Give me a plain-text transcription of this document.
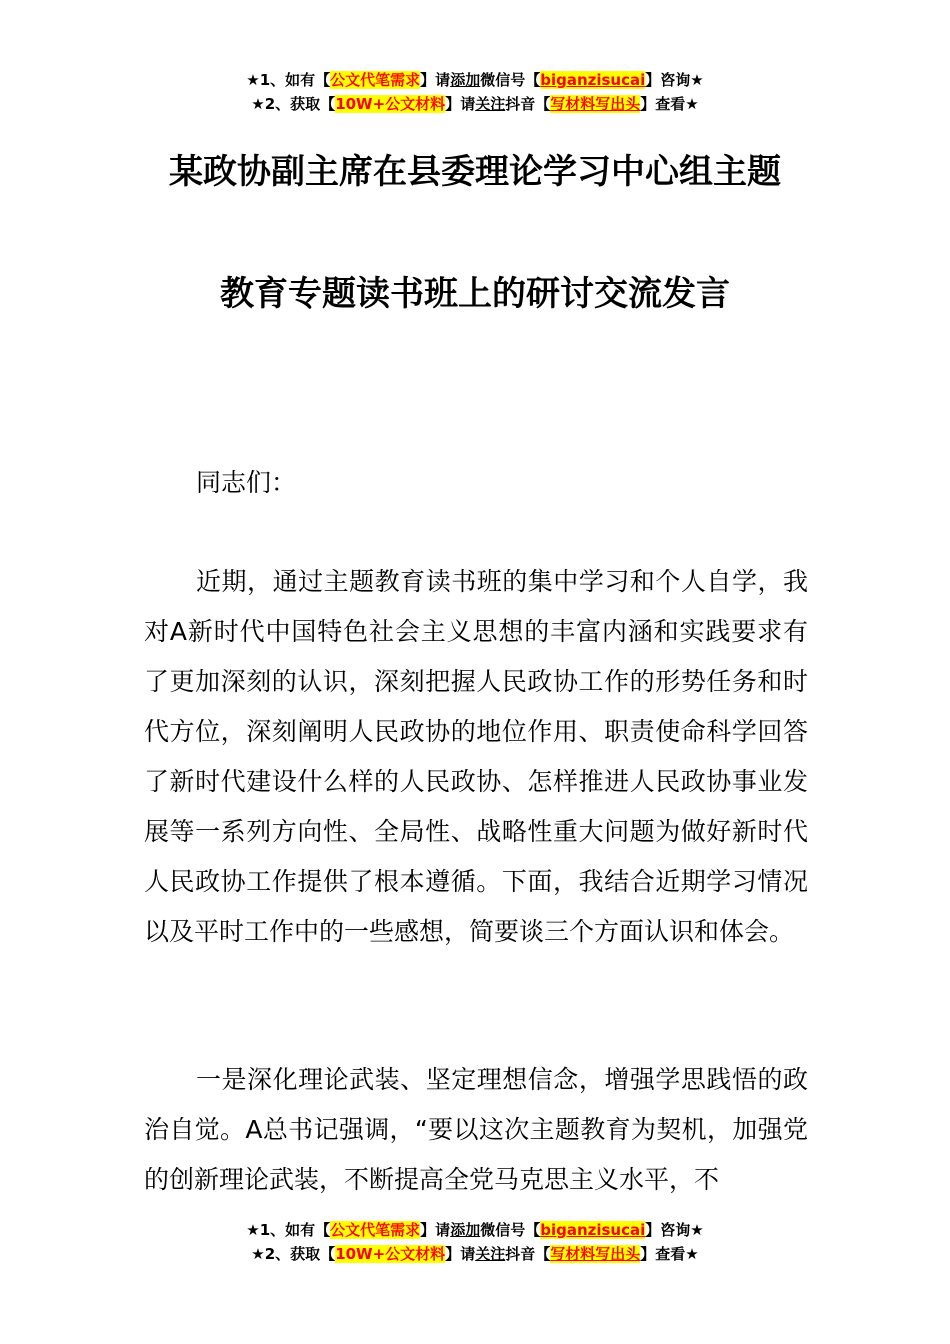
★1、如有【公文代笔需求】请添加微信号【biganzisucai】咨询★
★2、获取【10W+公文材料】请关注抖音【写材料写出头】查看★
某政协副主席在县委理论学习中心组主题
教育专题读书班上的研讨交流发言
同志们：

近期，通过主题教育读书班的集中学习和个人自学，我对A新时代中国特色社会主义思想的丰富内涵和实践要求有了更加深刻的认识，深刻把握人民政协工作的形势任务和时代方位，深刻阐明人民政协的地位作用、职责使命科学回答了新时代建设什么样的人民政协、怎样推进人民政协事业发展等一系列方向性、全局性、战略性重大问题为做好新时代人民政协工作提供了根本遵循。下面，我结合近期学习情况以及平时工作中的一些感想，简要谈三个方面认识和体会。

一是深化理论武装、坚定理想信念，增强学思践悟的政治自觉。A总书记强调，“要以这次主题教育为契机，加强党的创新理论武装，不断提高全党马克思主义水平，不

★1、如有【公文代笔需求】请添加微信号【biganzisucai】咨询★
★2、获取【10W+公文材料】请关注抖音【写材料写出头】查看★
